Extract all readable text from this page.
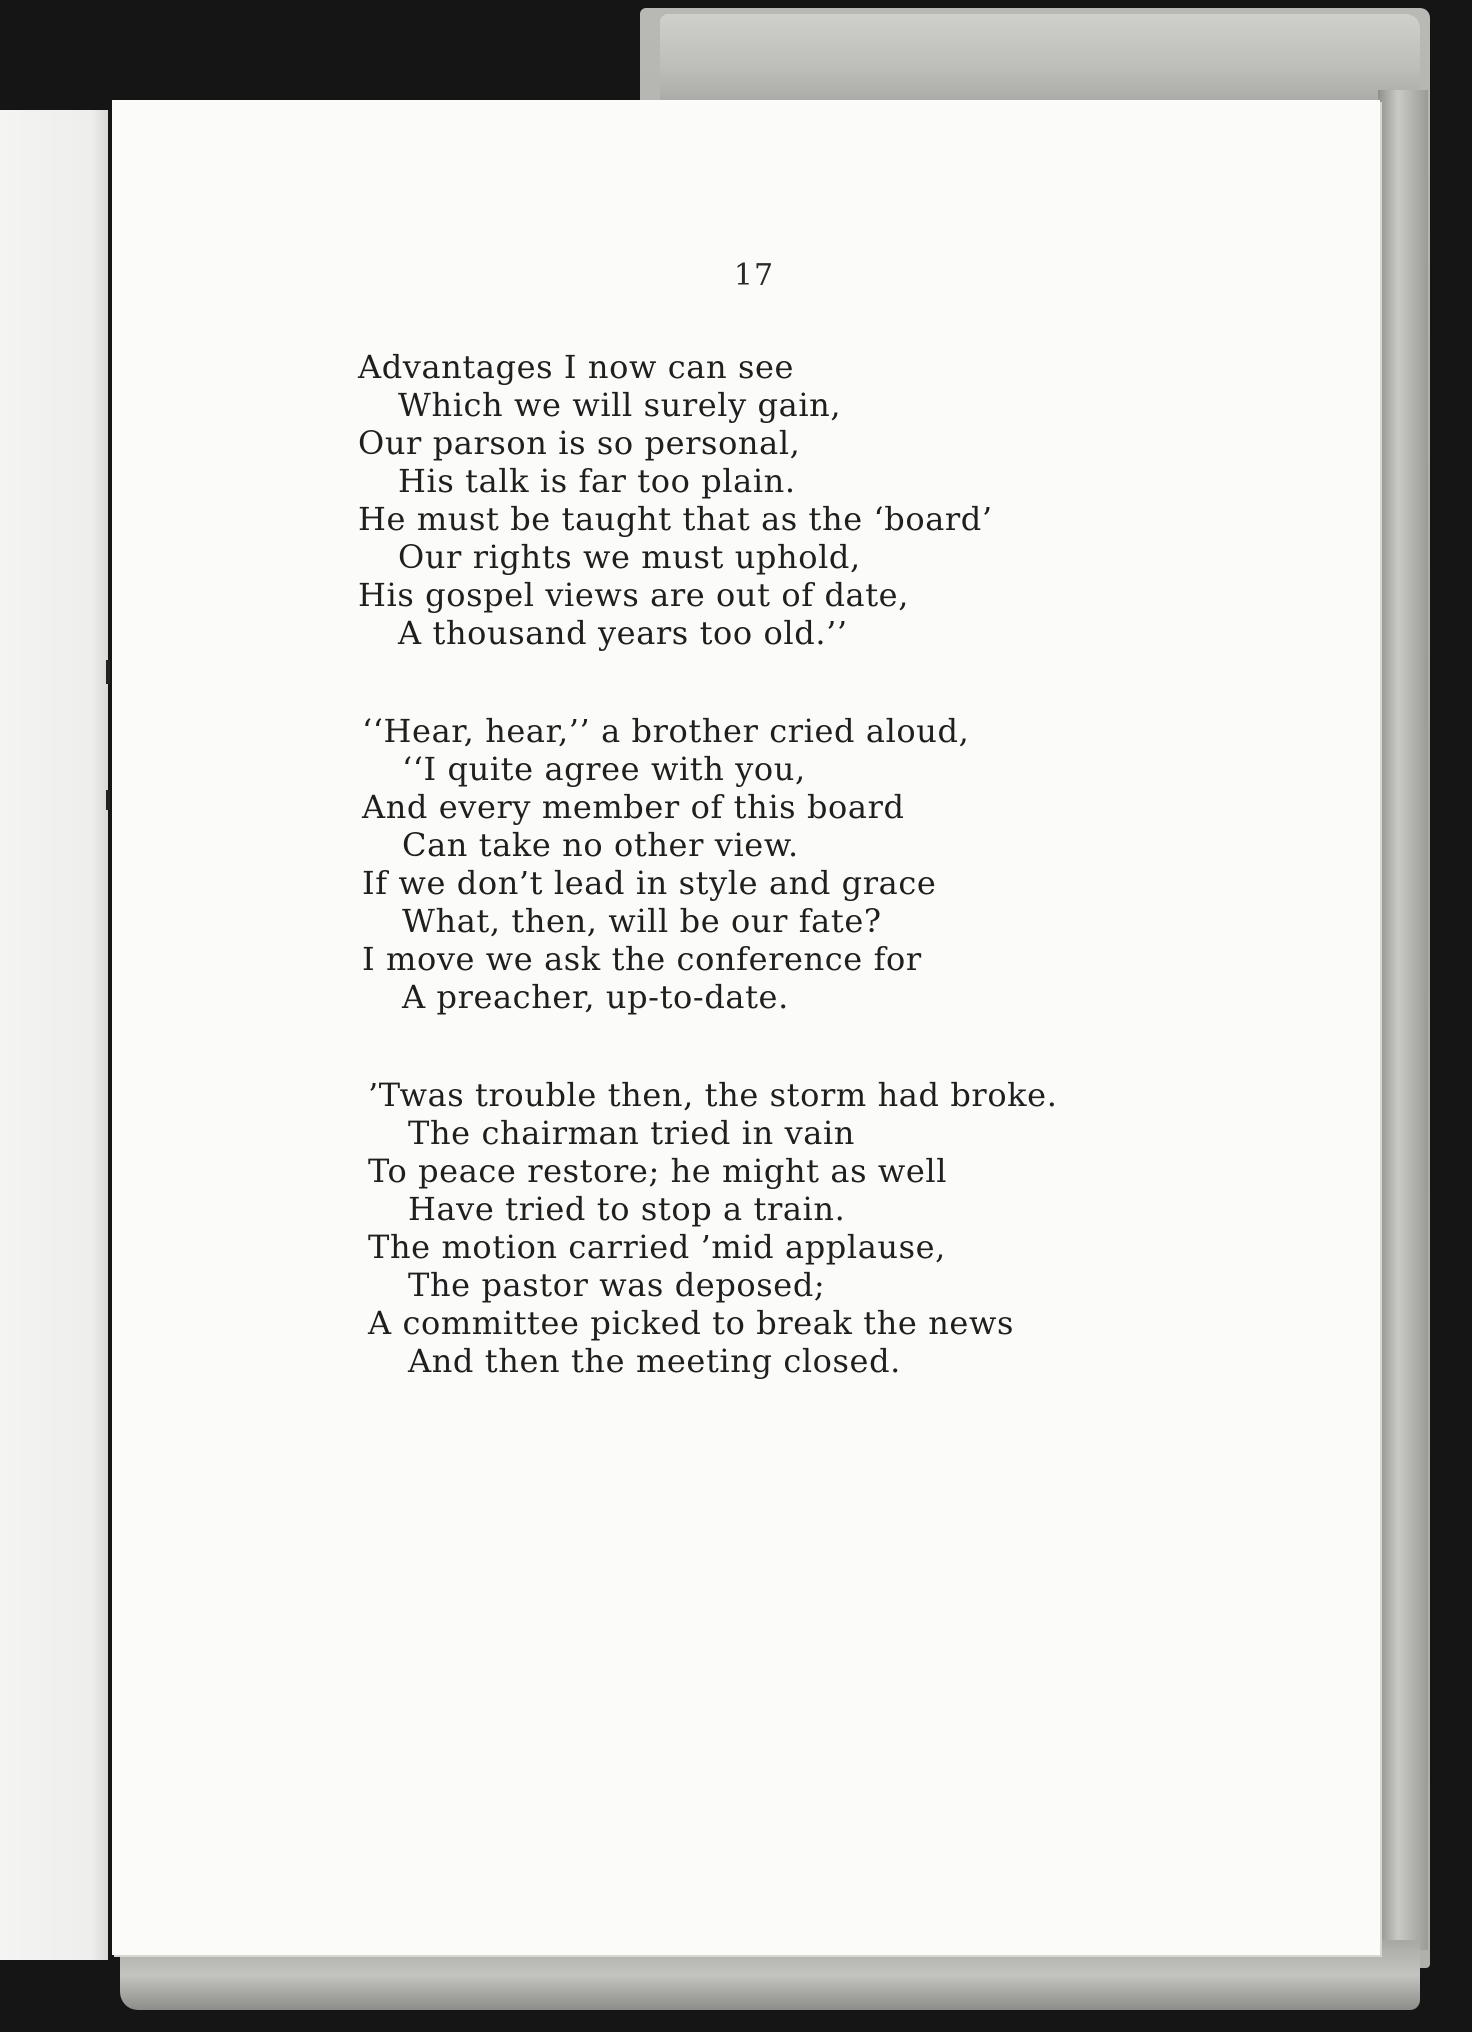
17
Advantages I now can see
Which we will surely gain,
Our parson is so personal,
His talk is far too plain.
He must be taught that as the ‘board’
Our rights we must uphold,
His gospel views are out of date,
A thousand years too old.’’
‘‘Hear, hear,’’ a brother cried aloud,
‘‘I quite agree with you,
And every member of this board
Can take no other view.
If we don’t lead in style and grace
What, then, will be our fate?
I move we ask the conference for
A preacher, up-to-date.
’Twas trouble then, the storm had broke.
The chairman tried in vain
To peace restore; he might as well
Have tried to stop a train.
The motion carried ’mid applause,
The pastor was deposed;
A committee picked to break the news
And then the meeting closed.
